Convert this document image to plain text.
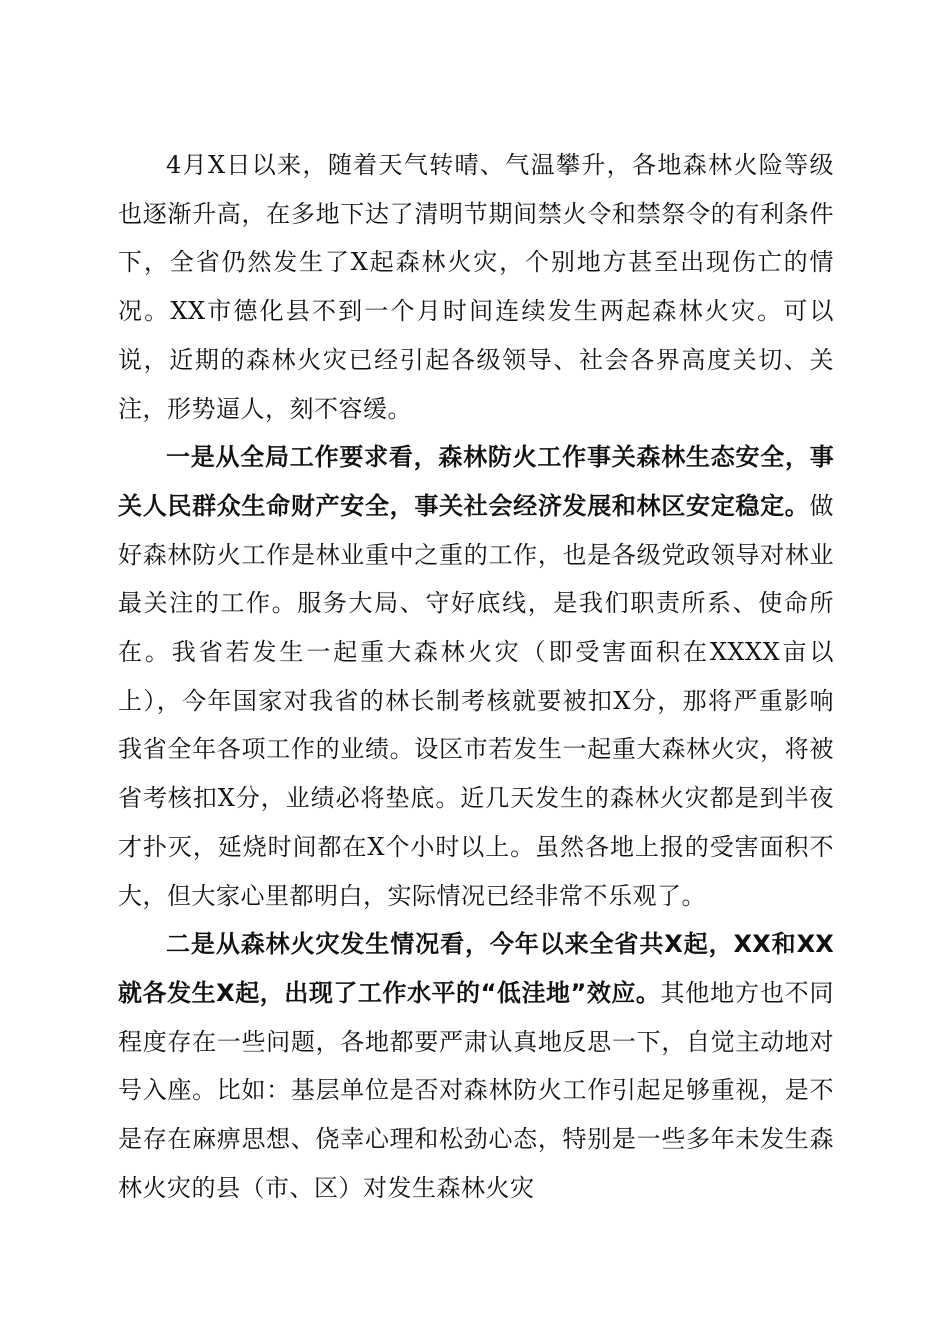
4月X日以来，随着天气转晴、气温攀升，各地森林火险等级也逐渐升高，在多地下达了清明节期间禁火令和禁祭令的有利条件下，全省仍然发生了X起森林火灾，个别地方甚至出现伤亡的情况。XX市德化县不到一个月时间连续发生两起森林火灾。可以说，近期的森林火灾已经引起各级领导、社会各界高度关切、关注，形势逼人，刻不容缓。

一是从全局工作要求看，森林防火工作事关森林生态安全，事关人民群众生命财产安全，事关社会经济发展和林区安定稳定。做好森林防火工作是林业重中之重的工作，也是各级党政领导对林业最关注的工作。服务大局、守好底线，是我们职责所系、使命所在。我省若发生一起重大森林火灾（即受害面积在XXXX亩以上），今年国家对我省的林长制考核就要被扣X分，那将严重影响我省全年各项工作的业绩。设区市若发生一起重大森林火灾，将被省考核扣X分，业绩必将垫底。近几天发生的森林火灾都是到半夜才扑灭，延烧时间都在X个小时以上。虽然各地上报的受害面积不大，但大家心里都明白，实际情况已经非常不乐观了。

二是从森林火灾发生情况看，今年以来全省共X起，XX和XX就各发生X起，出现了工作水平的“低洼地”效应。其他地方也不同程度存在一些问题，各地都要严肃认真地反思一下，自觉主动地对号入座。比如：基层单位是否对森林防火工作引起足够重视，是不是存在麻痹思想、侥幸心理和松劲心态，特别是一些多年未发生森林火灾的县（市、区）对发生森林火灾
